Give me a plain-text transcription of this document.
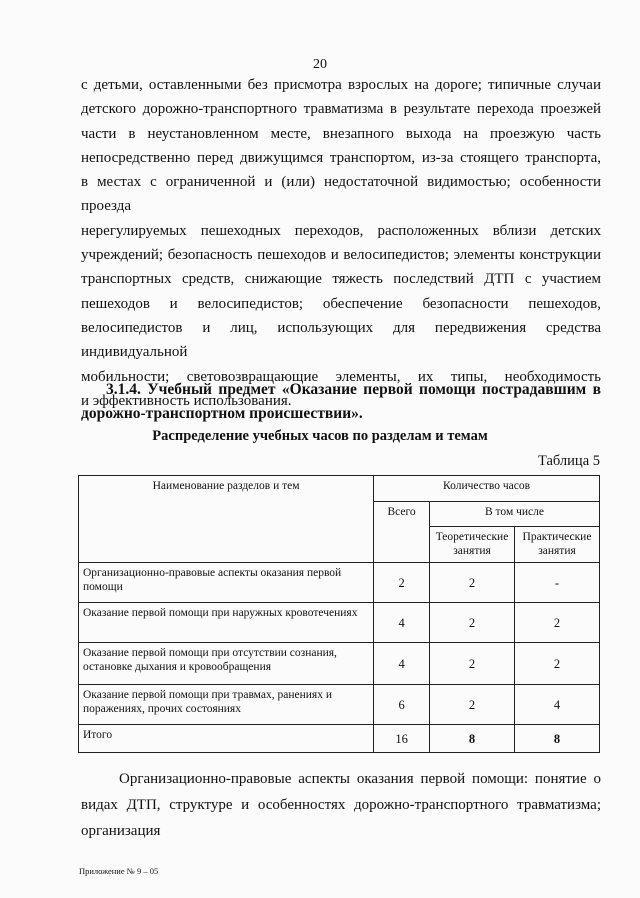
20
с детьми, оставленными без присмотра взрослых на дороге; типичные случаи
детского дорожно-транспортного травматизма в результате перехода проезжей
части в неустановленном месте, внезапного выхода на проезжую часть
непосредственно перед движущимся транспортом, из-за стоящего транспорта,
в местах с ограниченной и (или) недостаточной видимостью; особенности проезда
нерегулируемых пешеходных переходов, расположенных вблизи детских
учреждений; безопасность пешеходов и велосипедистов; элементы конструкции
транспортных средств, снижающие тяжесть последствий ДТП с участием
пешеходов и велосипедистов; обеспечение безопасности пешеходов,
велосипедистов и лиц, использующих для передвижения средства индивидуальной
мобильности; световозвращающие элементы, их типы, необходимость
и эффективность использования.
3.1.4. Учебный предмет «Оказание первой помощи пострадавшим в дорожно-транспортном происшествии».
Распределение учебных часов по разделам и темам
Таблица 5
Наименование разделов и тем	Количество часов		
	Всего	В том числе	
		Теоретические занятия	Практические занятия
Организационно-правовые аспекты оказания первой помощи	2	2	-
Оказание первой помощи при наружных кровотечениях	4	2	2
Оказание первой помощи при отсутствии сознания, остановке дыхания и кровообращения	4	2	2
Оказание первой помощи при травмах, ранениях и поражениях, прочих состояниях	6	2	4
Итого	16	8	8
Организационно-правовые аспекты оказания первой помощи: понятие о видах ДТП, структуре и особенностях дорожно-транспортного травматизма; организация
Приложение № 9 – 05
